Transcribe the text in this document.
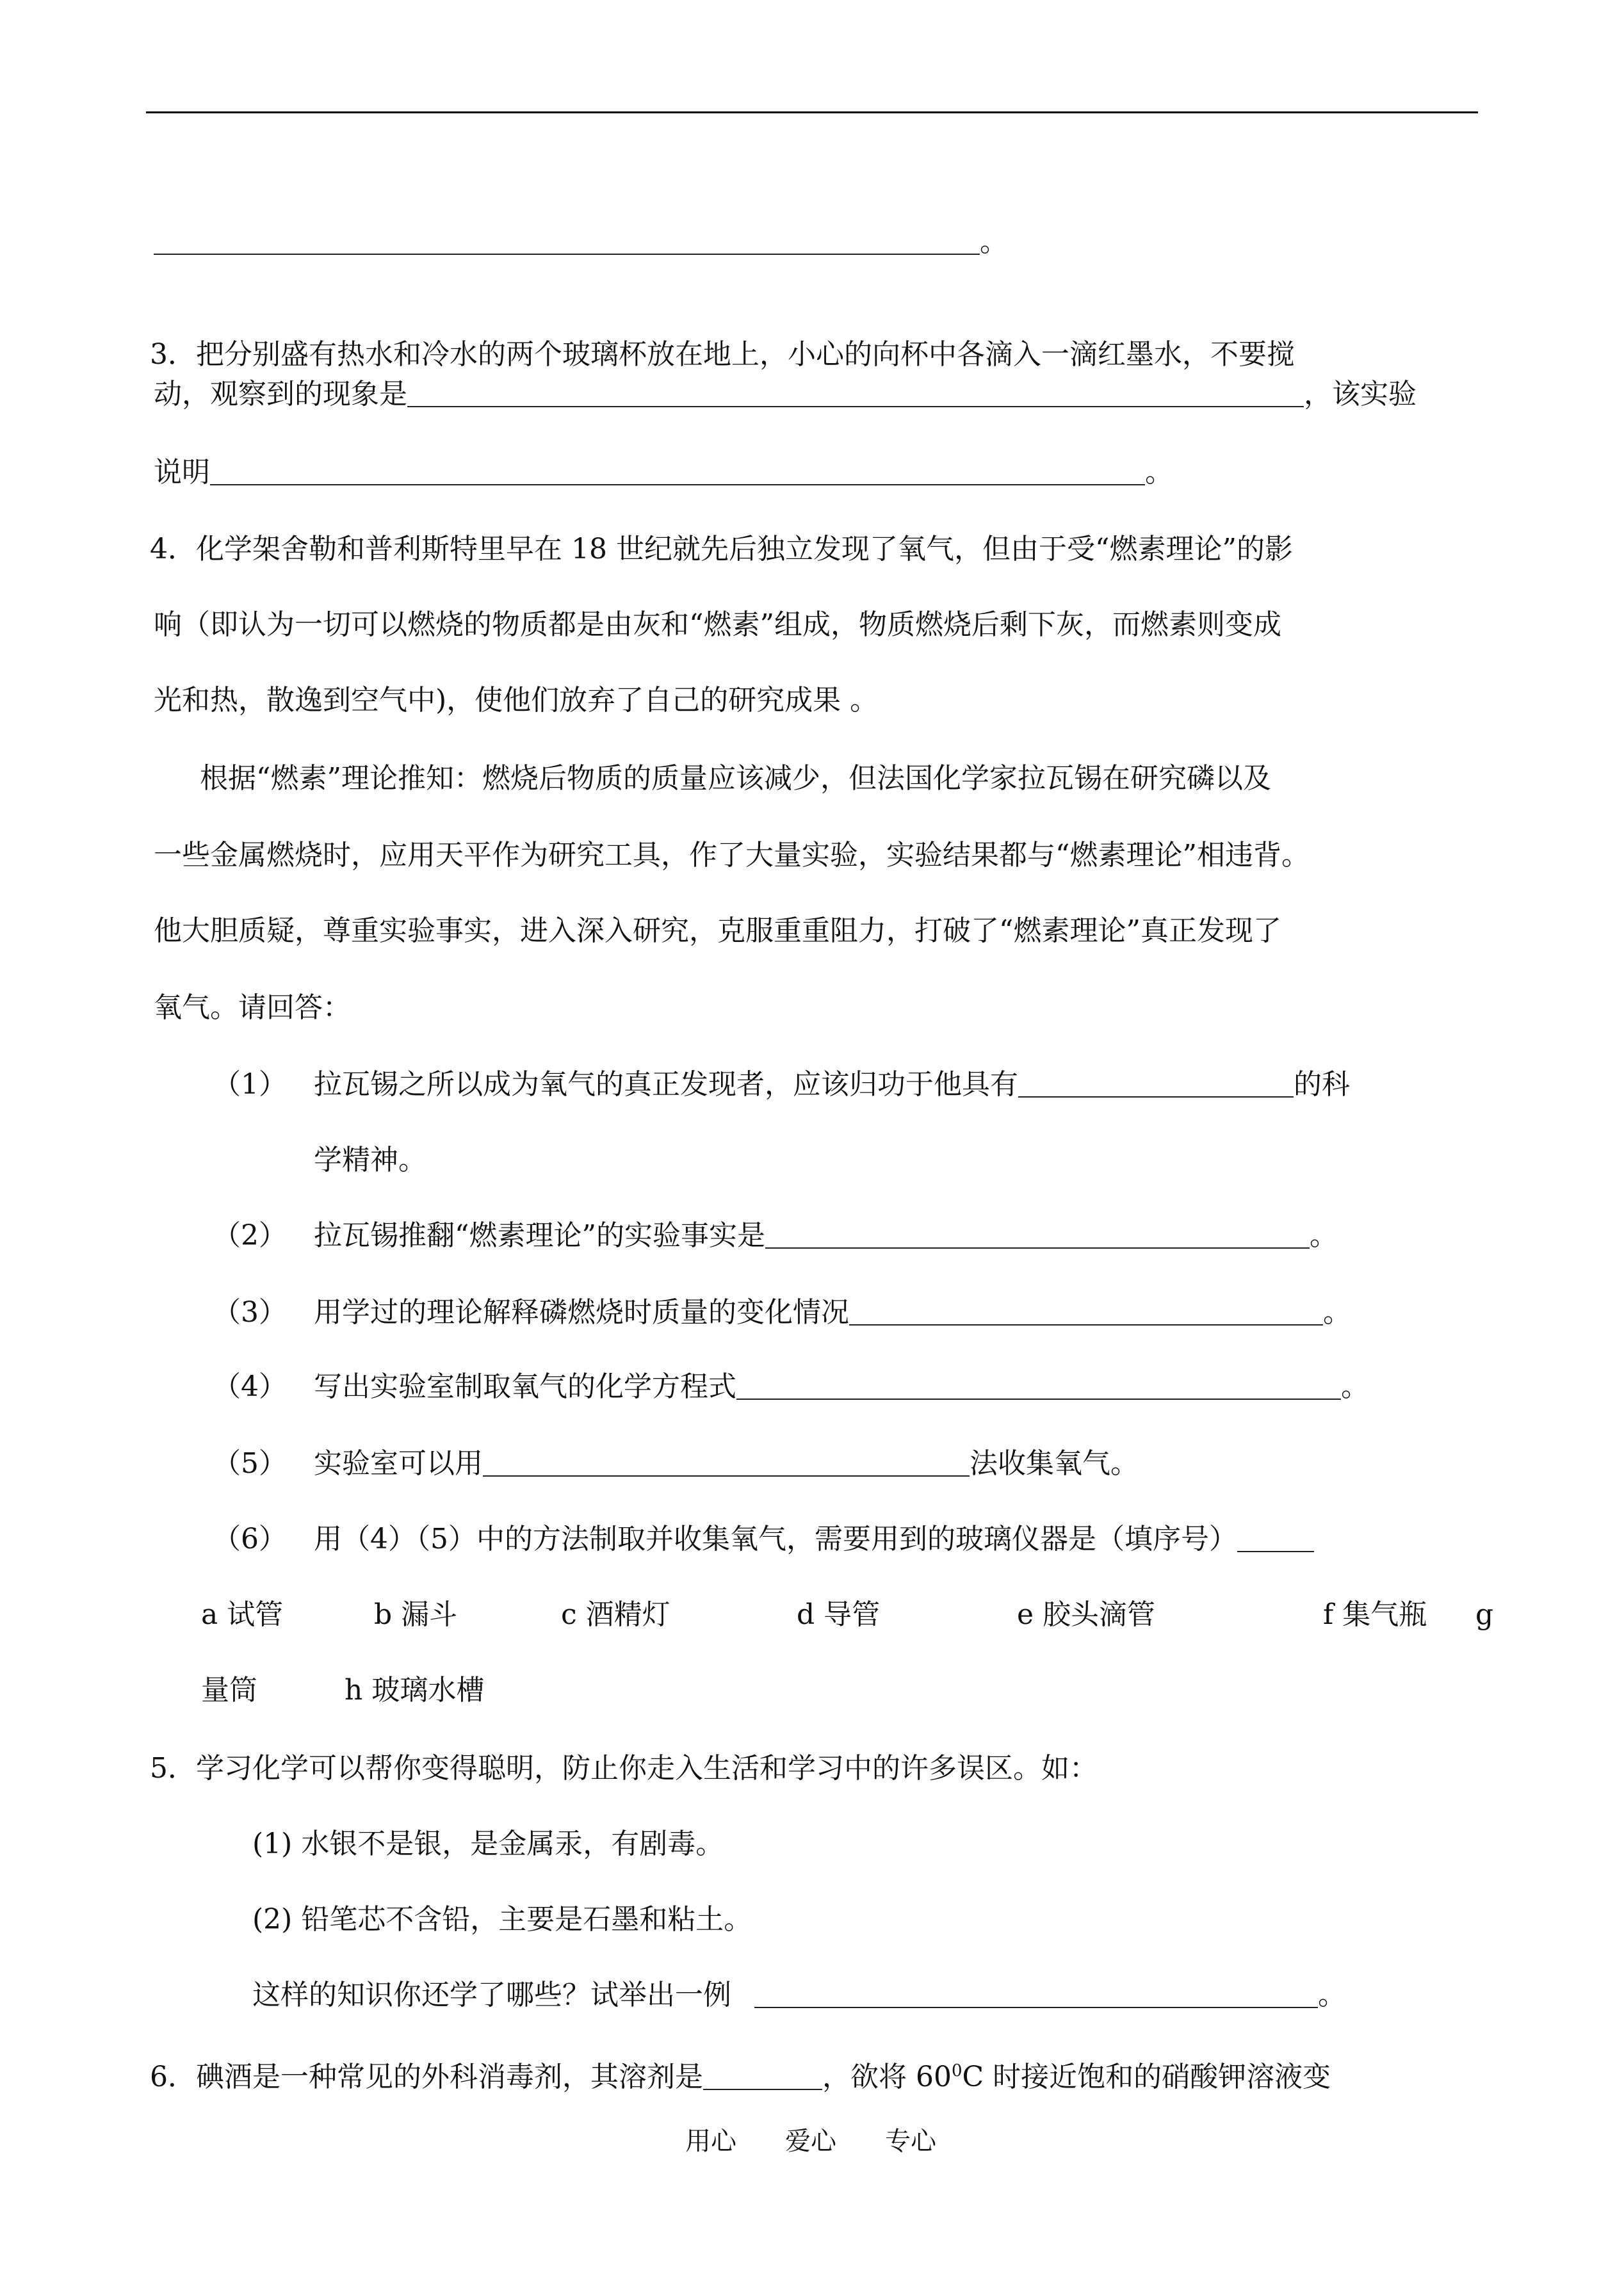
。
3．把分别盛有热水和冷水的两个玻璃杯放在地上，小心的向杯中各滴入一滴红墨水，不要搅
动，观察到的现象是	，该实验
说明	。
4．化学架舍勒和普利斯特里早在 18 世纪就先后独立发现了氧气，但由于受“燃素理论”的影
响（即认为一切可以燃烧的物质都是由灰和“燃素”组成，物质燃烧后剩下灰，而燃素则变成
光和热，散逸到空气中)，使他们放弃了自己的研究成果 。
根据“燃素”理论推知：燃烧后物质的质量应该减少，但法国化学家拉瓦锡在研究磷以及
一些金属燃烧时，应用天平作为研究工具，作了大量实验，实验结果都与“燃素理论”相违背。
他大胆质疑，尊重实验事实，进入深入研究，克服重重阻力，打破了“燃素理论”真正发现了
氧气。请回答：
（1） 拉瓦锡之所以成为氧气的真正发现者，应该归功于他具有	的科
学精神。
（2） 拉瓦锡推翻“燃素理论”的实验事实是	。
（3） 用学过的理论解释磷燃烧时质量的变化情况	。
（4） 写出实验室制取氧气的化学方程式	。
（5） 实验室可以用	法收集氧气。
（6） 用（4）（5）中的方法制取并收集氧气，需要用到的玻璃仪器是（填序号）
a 试管	b 漏斗	c 酒精灯	d 导管	e 胶头滴管	f 集气瓶 g
量筒	h 玻璃水槽
5．学习化学可以帮你变得聪明，防止你走入生活和学习中的许多误区。如：
(1) 水银不是银，是金属汞，有剧毒。
(2) 铅笔芯不含铅，主要是石墨和粘土。
这样的知识你还学了哪些？试举出一例	。
6．碘酒是一种常见的外科消毒剂，其溶剂是	，欲将 $60^0C$ 时接近饱和的硝酸钾溶液变
用心 爱心 专心
